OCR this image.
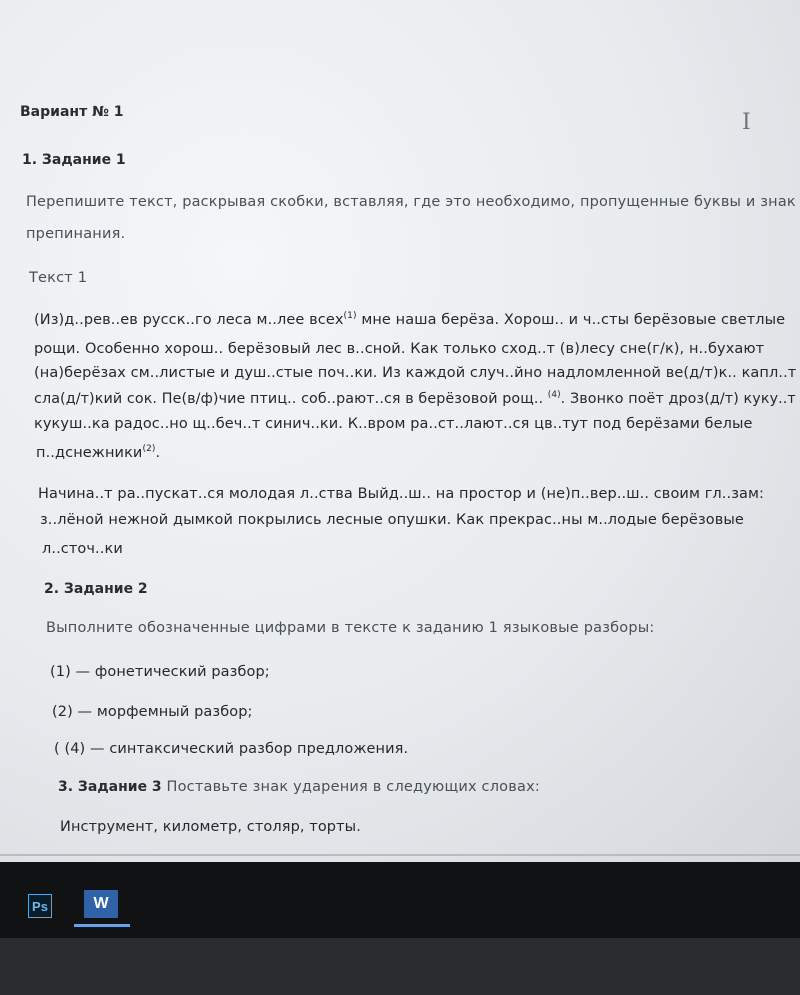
Вариант № 1
1. Задание 1
Перепишите текст, раскрывая скобки, вставляя, где это необходимо, пропущенные буквы и знак
препинания.
Текст 1
(Из)д..рев..ев русск..го леса м..лее всех$^{(1)}$ мне наша берёза. Хорош.. и ч..сты берёзовые светлые
рощи. Особенно хорош.. берёзовый лес в..сной. Как только сход..т (в)лесу сне(г/к), н..бухают
(на)берёзах см..листые и душ..стые поч..ки. Из каждой случ..йно надломленной ве(д/т)к.. капл..т
сла(д/т)кий сок. Пе(в/ф)чие птиц.. соб..рают..ся в берёзовой рощ.. $^{(4)}$. Звонко поёт дроз(д/т) куку..т
кукуш..ка радос..но щ..беч..т синич..ки. К..вром ра..ст..лают..ся цв..тут под берёзами белые
п..дснежники$^{(2)}$.
Начина..т ра..пускат..ся молодая л..ства Выйд..ш.. на простор и (не)п..вер..ш.. своим гл..зам:
з..лёной нежной дымкой покрылись лесные опушки. Как прекрас..ны м..лодые берёзовые
л..сточ..ки
2. Задание 2
Выполните обозначенные цифрами в тексте к заданию 1 языковые разборы:
(1) — фонетический разбор;
(2) — морфемный разбор;
( (4) — синтаксический разбор предложения.
3. Задание 3 Поставьте знак ударения в следующих словах:
Инструмент, километр, столяр, торты.
I
Ps	W
